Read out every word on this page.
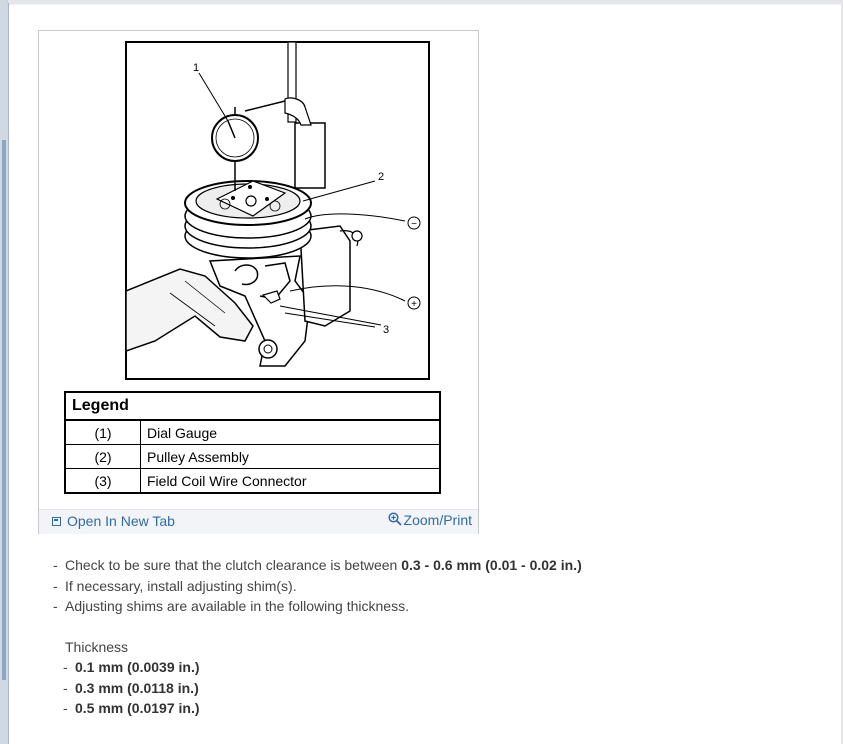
−
+
1
2
3
Legend	
(1)	Dial Gauge
(2)	Pulley Assembly
(3)	Field Coil Wire Connector
Open In New Tab	Zoom/Print
- Check to be sure that the clutch clearance is between 0.3 - 0.6 mm (0.01 - 0.02 in.)
- If necessary, install adjusting shim(s).
- Adjusting shims are available in the following thickness.
Thickness
- 0.1 mm (0.0039 in.)
- 0.3 mm (0.0118 in.)
- 0.5 mm (0.0197 in.)
